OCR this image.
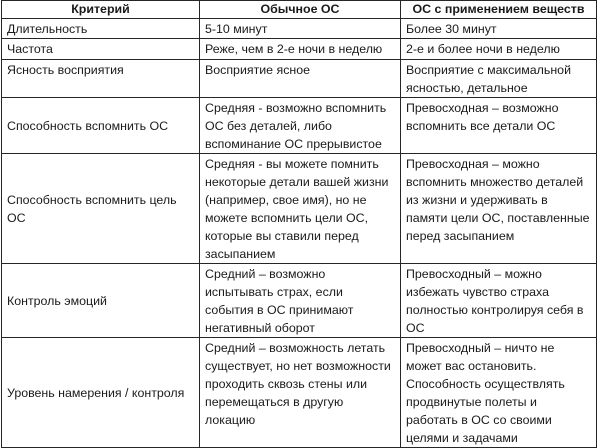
Критерий	Обычное ОС	ОС с применением веществ

Длительность	5-10 минут	Более 30 минут

Частота	Реже, чем в 2-е ночи в неделю	2-е и более ночи в неделю

Ясность восприятия	Восприятие ясное	Восприятие с максимальной ясностью, детальное

Способность вспомнить ОС	Средняя - возможно вспомнить ОС без деталей, либо вспоминание ОС прерывистое	Превосходная – возможно вспомнить все детали ОС

Способность вспомнить цель ОС	Средняя - вы можете помнить некоторые детали вашей жизни (например, свое имя), но не можете вспомнить цели ОС, которые вы ставили перед засыпанием	Превосходная – можно вспомнить множество деталей из жизни и удерживать в памяти цели ОС, поставленные перед засыпанием

Контроль эмоций	Средний – возможно испытывать страх, если события в ОС принимают негативный оборот	Превосходный – можно избежать чувство страха полностью контролируя себя в ОС

Уровень намерения / контроля	Средний – возможность летать существует, но нет возможности проходить сквозь стены или перемещаться в другую локацию	Превосходный – ничто не может вас остановить. Способность осуществлять продвинутые полеты и работать в ОС со своими целями и задачами
